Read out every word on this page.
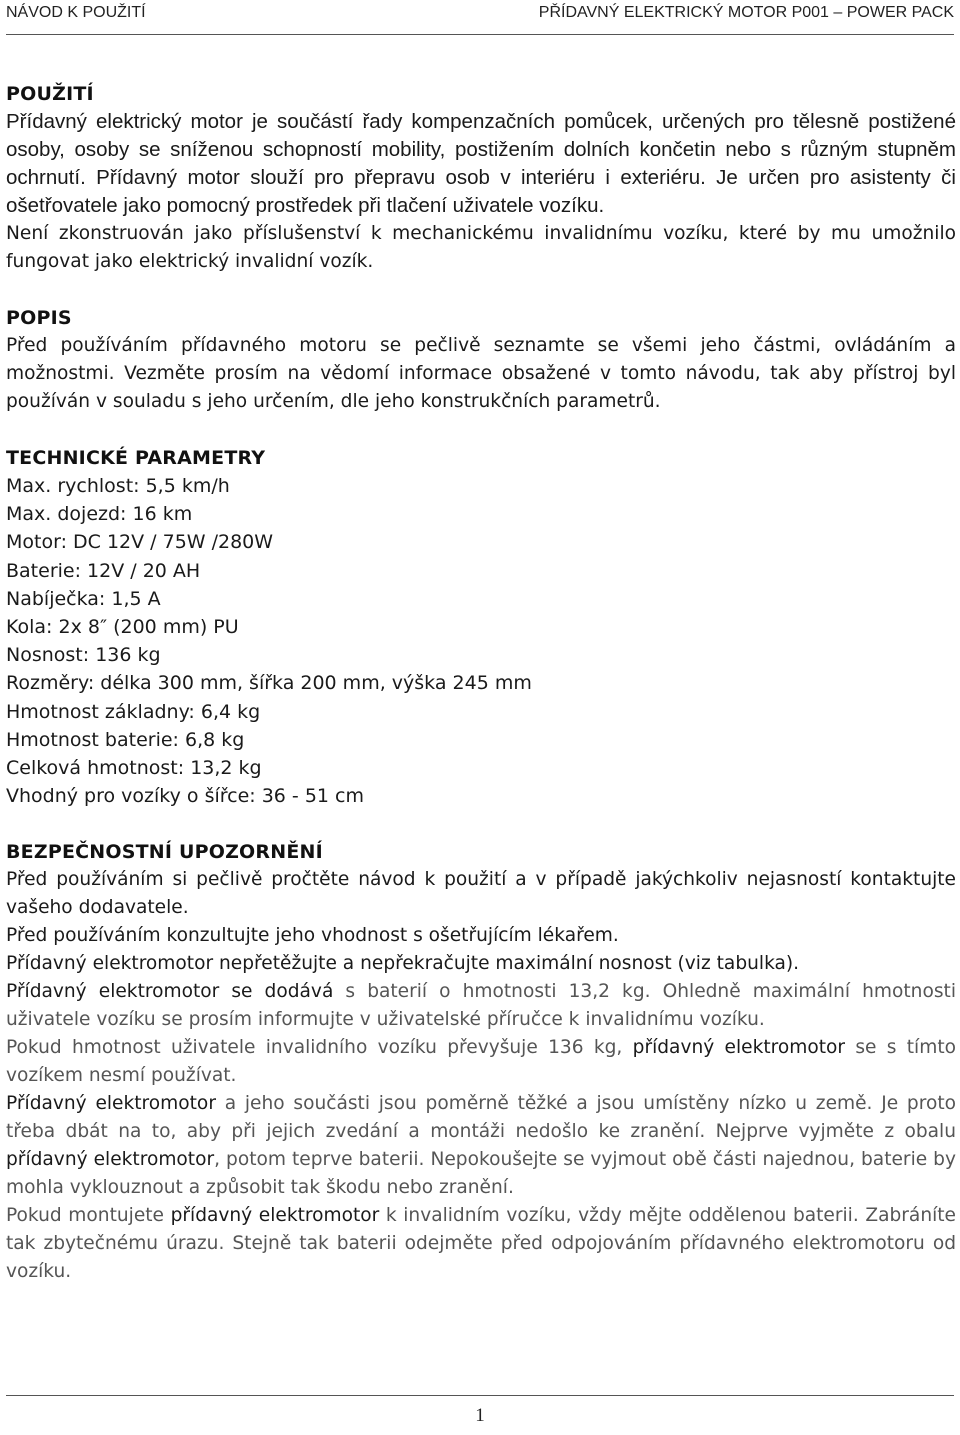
NÁVOD K POUŽITÍ	PŘÍDAVNÝ ELEKTRICKÝ MOTOR P001 – POWER PACK
POUŽITÍ

Přídavný elektrický motor je součástí řady kompenzačních pomůcek, určených pro tělesně postižené osoby, osoby se sníženou schopností mobility, postižením dolních končetin nebo s různým stupněm ochrnutí. Přídavný motor slouží pro přepravu osob v interiéru i exteriéru. Je určen pro asistenty či ošetřovatele jako pomocný prostředek při tlačení uživatele vozíku.

Není zkonstruován jako příslušenství k mechanickému invalidnímu vozíku, které by mu umožnilo fungovat jako elektrický invalidní vozík.

POPIS

Před používáním přídavného motoru se pečlivě seznamte se všemi jeho částmi, ovládáním a možnostmi. Vezměte prosím na vědomí informace obsažené v tomto návodu, tak aby přístroj byl používán v souladu s jeho určením, dle jeho konstrukčních parametrů.

TECHNICKÉ PARAMETRY
Max. rychlost: 5,5 km/h
Max. dojezd: 16 km
Motor: DC 12V / 75W /280W
Baterie: 12V / 20 AH
Nabíječka: 1,5 A
Kola: 2x 8″ (200 mm) PU
Nosnost: 136 kg
Rozměry: délka 300 mm, šířka 200 mm, výška 245 mm
Hmotnost základny: 6,4 kg
Hmotnost baterie: 6,8 kg
Celková hmotnost: 13,2 kg
Vhodný pro vozíky o šířce: 36 - 51 cm
BEZPEČNOSTNÍ UPOZORNĚNÍ

Před používáním si pečlivě pročtěte návod k použití a v případě jakýchkoliv nejasností kontaktujte vašeho dodavatele.

Před používáním konzultujte jeho vhodnost s ošetřujícím lékařem.

Přídavný elektromotor nepřetěžujte a nepřekračujte maximální nosnost (viz tabulka).

Přídavný elektromotor se dodává s baterií o hmotnosti 13,2 kg. Ohledně maximální hmotnosti uživatele vozíku se prosím informujte v uživatelské příručce k invalidnímu vozíku.

Pokud hmotnost uživatele invalidního vozíku převyšuje 136 kg, přídavný elektromotor se s tímto vozíkem nesmí používat.

Přídavný elektromotor a jeho součásti jsou poměrně těžké a jsou umístěny nízko u země. Je proto třeba dbát na to, aby při jejich zvedání a montáži nedošlo ke zranění. Nejprve vyjměte z obalu přídavný elektromotor, potom teprve baterii. Nepokoušejte se vyjmout obě části najednou, baterie by mohla vyklouznout a způsobit tak škodu nebo zranění.

Pokud montujete přídavný elektromotor k invalidním vozíku, vždy mějte oddělenou baterii. Zabráníte tak zbytečnému úrazu. Stejně tak baterii odejměte před odpojováním přídavného elektromotoru od vozíku.

1
